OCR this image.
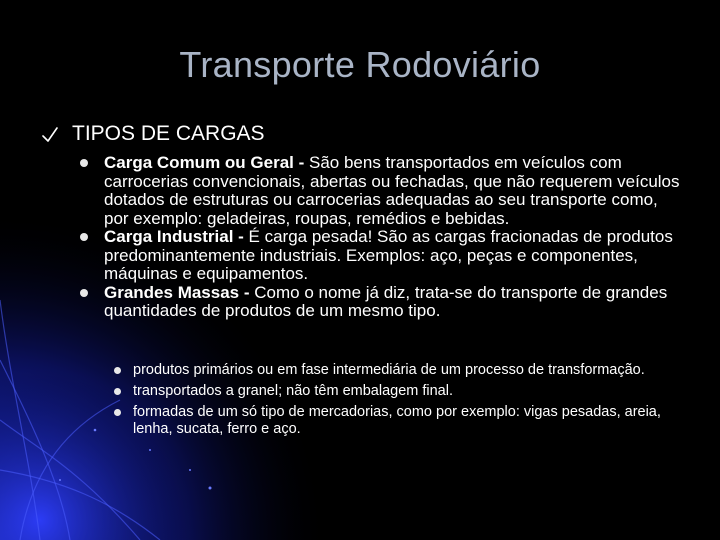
Transporte Rodoviário
TIPOS DE CARGAS
Carga Comum ou Geral - São bens transportados em veículos com carrocerias convencionais, abertas ou fechadas, que não requerem veículos dotados de estruturas ou carrocerias adequadas ao seu transporte como, por exemplo: geladeiras, roupas, remédios e bebidas.
Carga Industrial - É carga pesada! São as cargas fracionadas de produtos predominantemente industriais. Exemplos: aço, peças e componentes, máquinas e equipamentos.
Grandes Massas - Como o nome já diz, trata-se do transporte de grandes quantidades de produtos de um mesmo tipo.
produtos primários ou em fase intermediária de um processo de transformação.
transportados a granel; não têm embalagem final.
formadas de um só tipo de mercadorias, como por exemplo: vigas pesadas, areia, lenha, sucata, ferro e aço.
